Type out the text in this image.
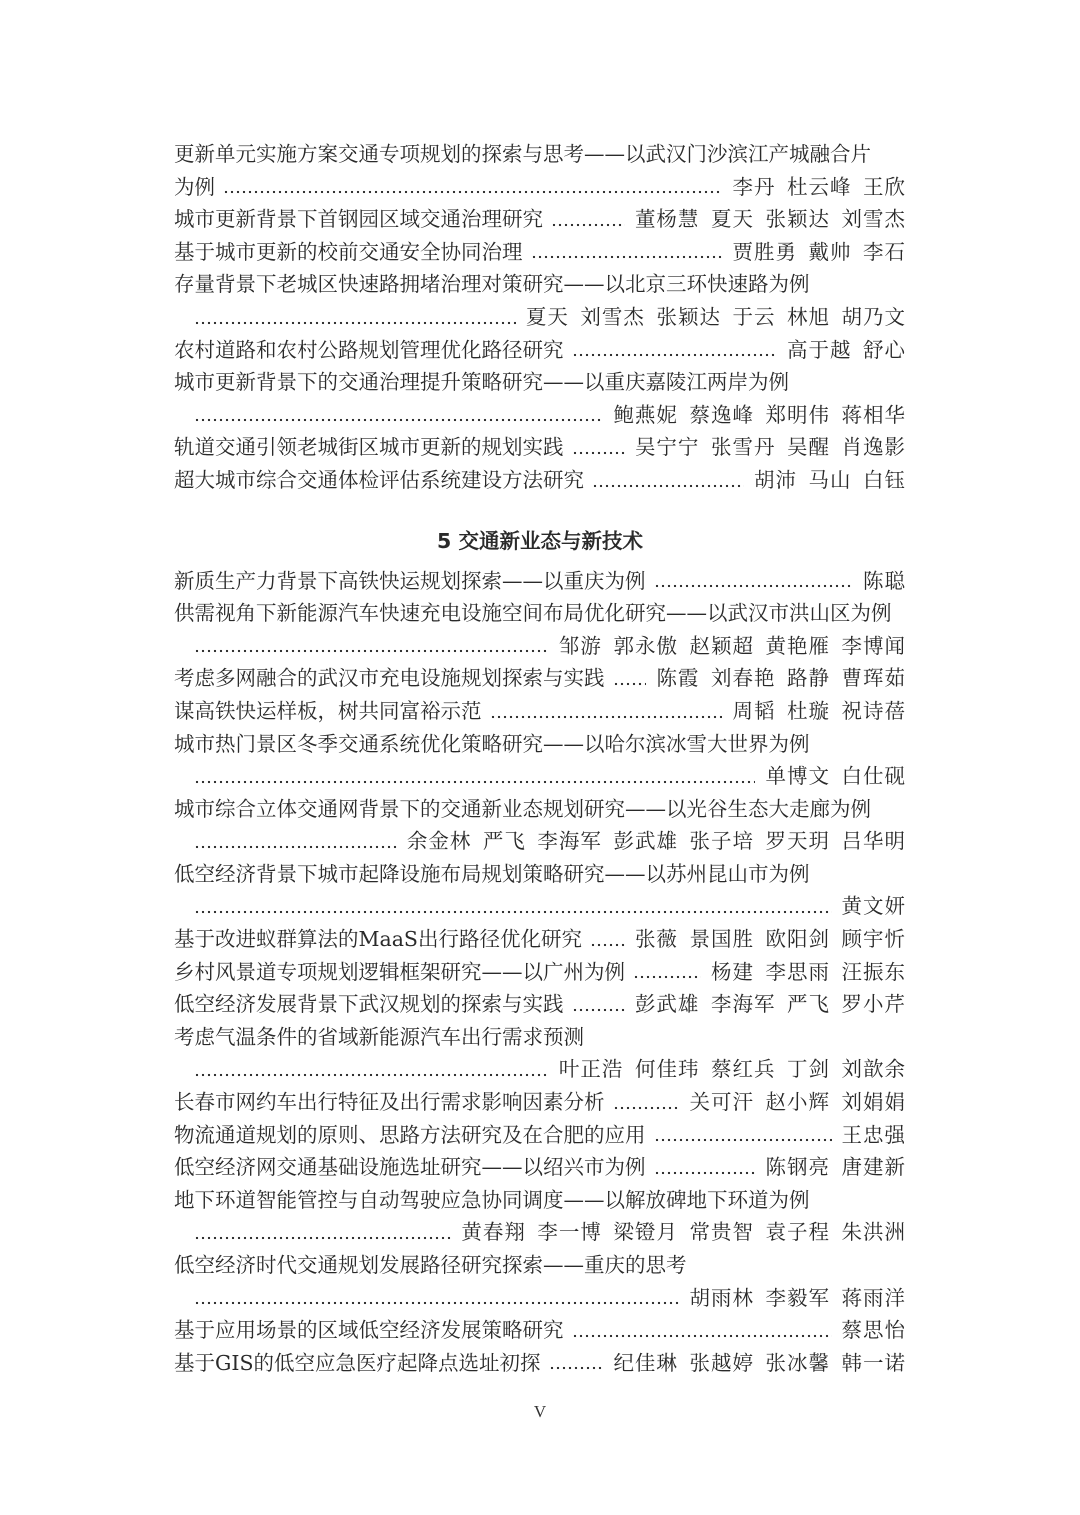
更新单元实施方案交通专项规划的探索与思考——以武汉门沙滨江产城融合片
为例	李丹 杜云峰 王欣
城市更新背景下首钢园区域交通治理研究	董杨慧 夏天 张颖达 刘雪杰
基于城市更新的校前交通安全协同治理	贾胜勇 戴帅 李石
存量背景下老城区快速路拥堵治理对策研究——以北京三环快速路为例
夏天 刘雪杰 张颖达 于云 林旭 胡乃文
农村道路和农村公路规划管理优化路径研究	高于越 舒心
城市更新背景下的交通治理提升策略研究——以重庆嘉陵江两岸为例
鲍燕妮 蔡逸峰 郑明伟 蒋相华
轨道交通引领老城街区城市更新的规划实践	吴宁宁 张雪丹 吴醒 肖逸影
超大城市综合交通体检评估系统建设方法研究	胡沛 马山 白钰
5 交通新业态与新技术
新质生产力背景下高铁快运规划探索——以重庆为例	陈聪
供需视角下新能源汽车快速充电设施空间布局优化研究——以武汉市洪山区为例
邹游 郭永傲 赵颖超 黄艳雁 李博闻
考虑多网融合的武汉市充电设施规划探索与实践	陈霞 刘春艳 路静 曹珲茹
谋高铁快运样板，树共同富裕示范	周韬 杜璇 祝诗蓓
城市热门景区冬季交通系统优化策略研究——以哈尔滨冰雪大世界为例
单博文 白仕砚
城市综合立体交通网背景下的交通新业态规划研究——以光谷生态大走廊为例
余金林 严飞 李海军 彭武雄 张子培 罗天玥 吕华明
低空经济背景下城市起降设施布局规划策略研究——以苏州昆山市为例
黄文妍
基于改进蚁群算法的MaaS出行路径优化研究	张薇 景国胜 欧阳剑 顾宇忻
乡村风景道专项规划逻辑框架研究——以广州为例	杨建 李思雨 汪振东
低空经济发展背景下武汉规划的探索与实践	彭武雄 李海军 严飞 罗小芹
考虑气温条件的省域新能源汽车出行需求预测
叶正浩 何佳玮 蔡红兵 丁剑 刘歆余
长春市网约车出行特征及出行需求影响因素分析	关可汗 赵小辉 刘娟娟
物流通道规划的原则、思路方法研究及在合肥的应用	王忠强
低空经济网交通基础设施选址研究——以绍兴市为例	陈钢亮 唐建新
地下环道智能管控与自动驾驶应急协同调度——以解放碑地下环道为例
黄春翔 李一博 梁镫月 常贵智 袁子程 朱洪洲
低空经济时代交通规划发展路径研究探索——重庆的思考
胡雨林 李毅军 蒋雨洋
基于应用场景的区域低空经济发展策略研究	蔡思怡
基于GIS的低空应急医疗起降点选址初探	纪佳琳 张越婷 张冰馨 韩一诺
V
